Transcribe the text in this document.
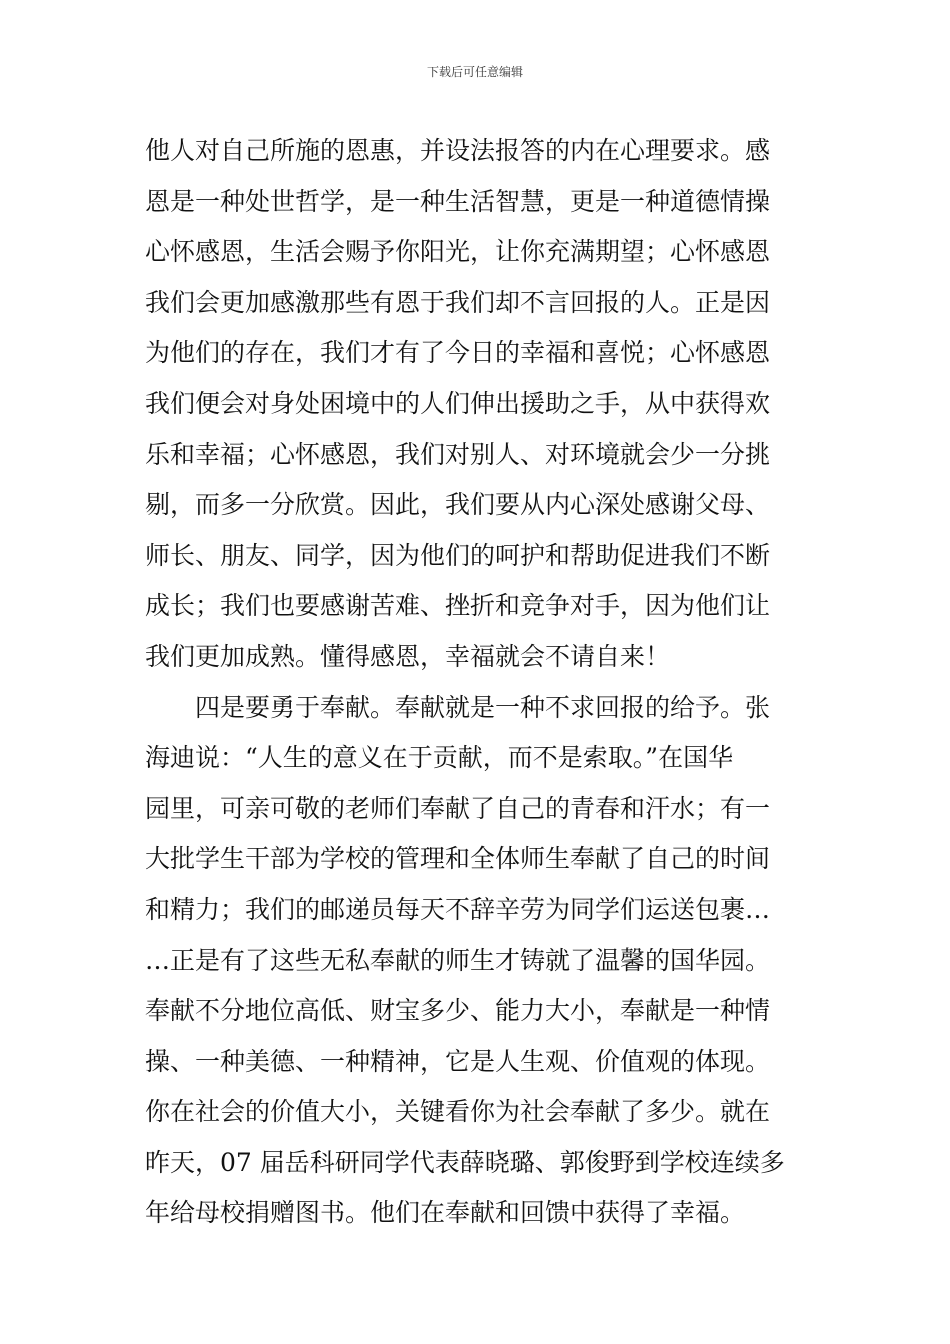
下载后可任意编辑
他人对自己所施的恩惠，并设法报答的内在心理要求。感
恩是一种处世哲学，是一种生活智慧，更是一种道德情操
心怀感恩，生活会赐予你阳光，让你充满期望；心怀感恩
我们会更加感激那些有恩于我们却不言回报的人。正是因
为他们的存在，我们才有了今日的幸福和喜悦；心怀感恩
我们便会对身处困境中的人们伸出援助之手，从中获得欢
乐和幸福；心怀感恩，我们对别人、对环境就会少一分挑
剔，而多一分欣赏。因此，我们要从内心深处感谢父母、
师长、朋友、同学，因为他们的呵护和帮助促进我们不断
成长；我们也要感谢苦难、挫折和竞争对手，因为他们让
我们更加成熟。懂得感恩，幸福就会不请自来！
四是要勇于奉献。奉献就是一种不求回报的给予。张
海迪说：“人生的意义在于贡献，而不是索取。”在国华
园里，可亲可敬的老师们奉献了自己的青春和汗水；有一
大批学生干部为学校的管理和全体师生奉献了自己的时间
和精力；我们的邮递员每天不辞辛劳为同学们运送包裹…
…正是有了这些无私奉献的师生才铸就了温馨的国华园。
奉献不分地位高低、财宝多少、能力大小，奉献是一种情
操、一种美德、一种精神，它是人生观、价值观的体现。
你在社会的价值大小，关键看你为社会奉献了多少。就在
昨天，07 届岳科研同学代表薛晓璐、郭俊野到学校连续多
年给母校捐赠图书。他们在奉献和回馈中获得了幸福。
